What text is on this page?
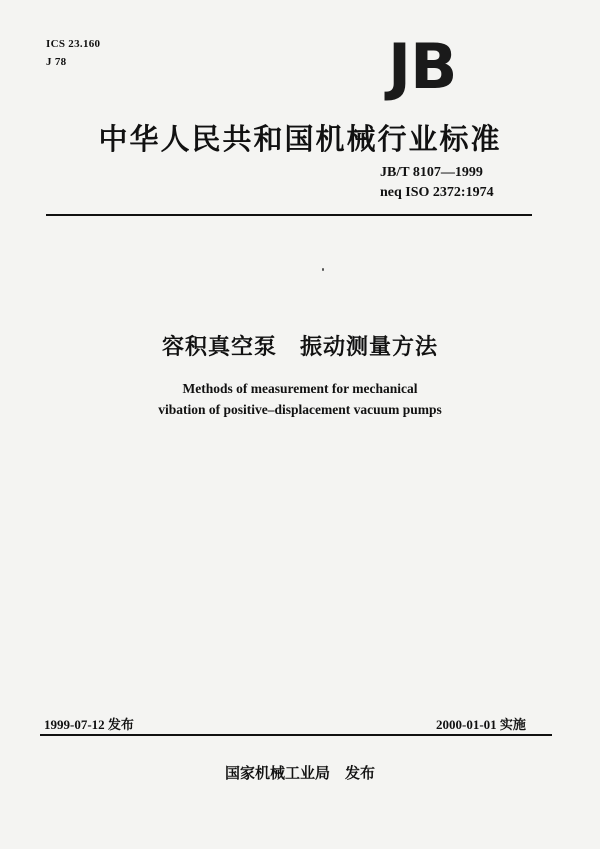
ICS 23.160
J 78	JB
中华人民共和国机械行业标准
JB/T 8107—1999
neq ISO 2372:1974
容积真空泵　振动测量方法
Methods of measurement for mechanical
vibation of positive–displacement vacuum pumps
1999-07-12 发布	2000-01-01 实施
国家机械工业局　发布
